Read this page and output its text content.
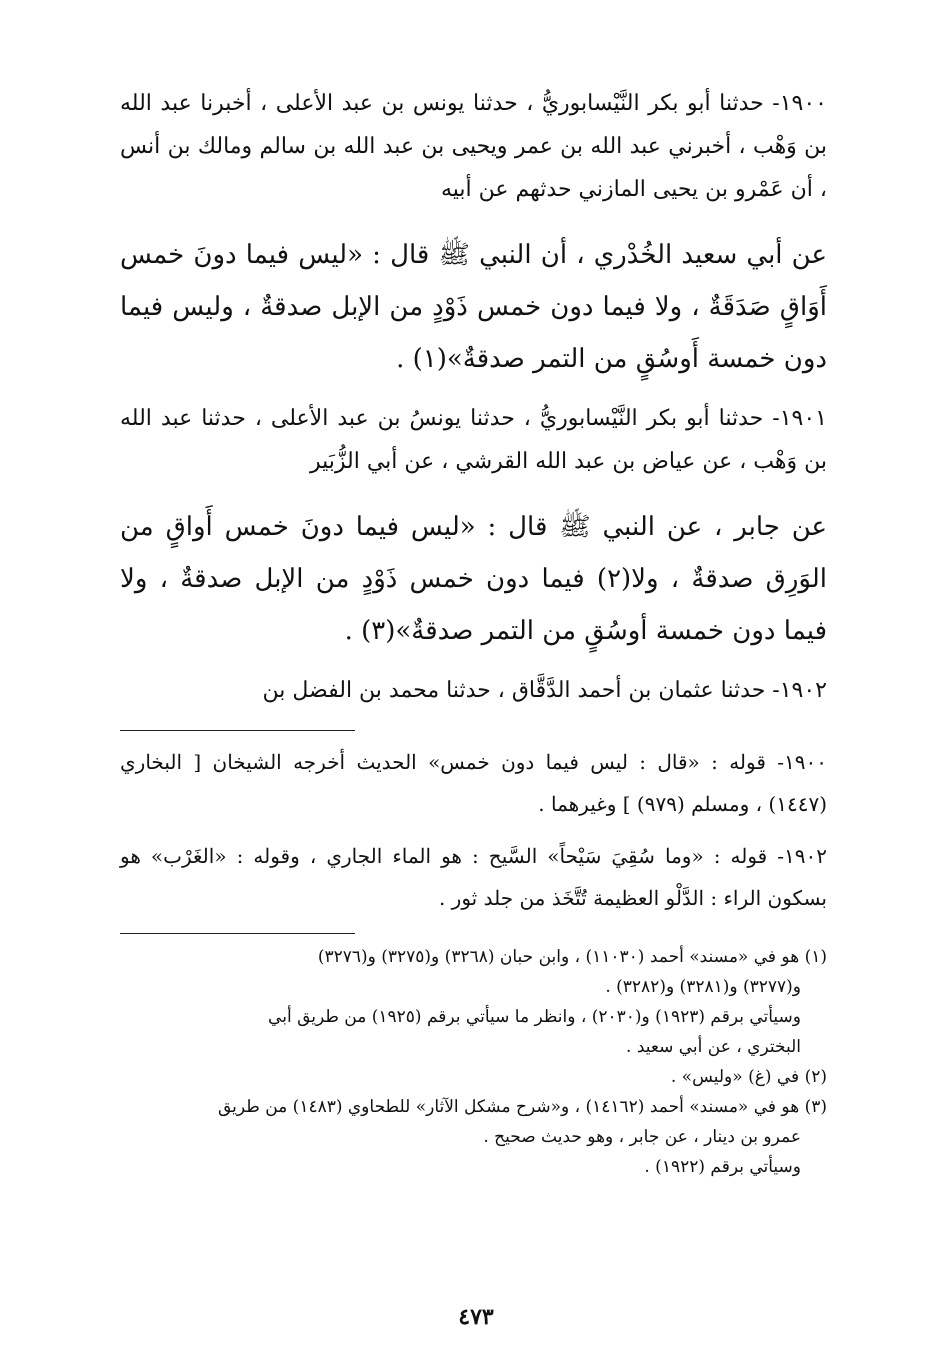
١٩٠٠- حدثنا أبو بكر النَّيْسابوريُّ ، حدثنا يونس بن عبد الأعلى ، أخبرنا عبد الله بن وَهْب ، أخبرني عبد الله بن عمر ويحيى بن عبد الله بن سالم ومالك بن أنس ، أن عَمْرو بن يحيى المازني حدثهم عن أبيه

عن أبي سعيد الخُدْري ، أن النبي ﷺ قال : «ليس فيما دونَ خمس أَوَاقٍ صَدَقَةٌ ، ولا فيما دون خمس ذَوْدٍ من الإبل صدقةٌ ، وليس فيما دون خمسة أَوسُقٍ من التمر صدقةٌ»(١) .

١٩٠١- حدثنا أبو بكر النَّيْسابوريُّ ، حدثنا يونسُ بن عبد الأعلى ، حدثنا عبد الله بن وَهْب ، عن عياض بن عبد الله القرشي ، عن أبي الزُّبَير

عن جابر ، عن النبي ﷺ قال : «ليس فيما دونَ خمس أَواقٍ من الوَرِق صدقةٌ ، ولا(٢) فيما دون خمس ذَوْدٍ من الإبل صدقةٌ ، ولا فيما دون خمسة أوسُقٍ من التمر صدقةٌ»(٣) .

١٩٠٢- حدثنا عثمان بن أحمد الدَّقَّاق ، حدثنا محمد بن الفضل بن

١٩٠٠- قوله : «قال : ليس فيما دون خمس» الحديث أخرجه الشيخان [ البخاري (١٤٤٧) ، ومسلم (٩٧٩) ] وغيرهما .

١٩٠٢- قوله : «وما سُقِيَ سَيْحاً» السَّيح : هو الماء الجاري ، وقوله : «الغَرْب» هو بسكون الراء : الدَّلْو العظيمة تُتَّخَذ من جلد ثور .

(١) هو في «مسند» أحمد (١١٠٣٠) ، وابن حبان (٣٢٦٨) و(٣٢٧٥) و(٣٢٧٦)

و(٣٢٧٧) و(٣٢٨١) و(٣٢٨٢) .

وسيأتي برقم (١٩٢٣) و(٢٠٣٠) ، وانظر ما سيأتي برقم (١٩٢٥) من طريق أبي

البختري ، عن أبي سعيد .

(٢) في (غ) «وليس» .

(٣) هو في «مسند» أحمد (١٤١٦٢) ، و«شرح مشكل الآثار» للطحاوي (١٤٨٣) من طريق

عمرو بن دينار ، عن جابر ، وهو حديث صحيح .

وسيأتي برقم (١٩٢٢) .

٤٧٣
